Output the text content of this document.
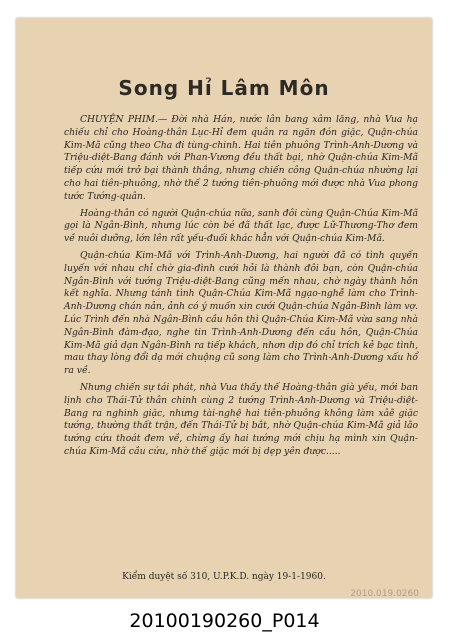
Song Hỉ Lâm Môn

CHUYỆN PHIM.— Đời nhà Hán, nước lân bang xâm lăng, nhà Vua hạ chiếu chỉ cho Hoàng-thân Lục-Hỉ đem quân ra ngăn đón giặc, Quận-chúa Kim-Mã cũng theo Cha đi tùng-chinh. Hai tiên phuông Trình-Anh-Dương và Triệu-diệt-Bang đánh với Phan-Vương đều thất bại, nhờ Quận-chúa Kim-Mã tiếp cứu mới trở bại thành thắng, nhưng chiến công Quận-chúa nhường lại cho hai tiên-phuông, nhờ thế 2 tướng tiên-phuông mới được nhà Vua phong tước Tướng-quân.

Hoàng-thân có người Quận-chúa nữa, sanh đôi cùng Quận-Chúa Kim-Mã gọi là Ngân-Bình, nhưng lúc còn bé đã thất lạc, được Lữ-Thương-Thơ đem về nuôi dưỡng, lớn lên rất yếu-đuối khác hẳn với Quận-chúa Kim-Mã.

Quận-chúa Kim-Mã với Trình-Anh-Dương, hai người đã có tình quyến luyến với nhau chỉ chờ gia-đình cưới hỏi là thành đôi bạn, còn Quận-chúa Ngân-Bình với tướng Triệu-diệt-Bang cũng mến nhau, chờ ngày thành hôn kết nghĩa. Nhưng tánh tình Quận-Chúa Kim-Mã ngạo-nghễ làm cho Trình-Anh-Dương chán nản, ảnh có ý muốn xin cưới Quận-chúa Ngân-Bình làm vợ. Lúc Trình đến nhà Ngân-Bình cầu hôn thì Quận-Chúa Kim-Mã vừa sang nhà Ngân-Bình đàm-đạo, nghe tin Trình-Anh-Dương đến cầu hôn, Quận-Chúa Kim-Mã giả dạn Ngân-Bình ra tiếp khách, nhơn dịp đó chỉ trích kẻ bạc tình, mau thay lòng đổi dạ mới chuộng cũ song làm cho Trình-Anh-Dương xấu hổ ra về.

Nhưng chiến sự tái phát, nhà Vua thấy thế Hoàng-thân già yếu, mới ban lịnh cho Thái-Tử thân chinh cùng 2 tướng Trình-Anh-Dương và Triệu-diệt-Bang ra nghinh giặc, nhưng tài-nghệ hai tiên-phuông không làm xâẽ giặc tướng, thường thất trận, đến Thái-Tử bị bắt, nhờ Quận-chúa Kim-Mã giả lão tướng cứu thoát đem về, chừng ấy hai tướng mới chịu hạ mình xin Quận-chúa Kim-Mã cầu cứu, nhờ thế giặc mới bị dẹp yên được.....

Kiểm duyệt số 310, U.P.K.D. ngày 19-1-1960.
2010.019.0260
20100190260_P014
